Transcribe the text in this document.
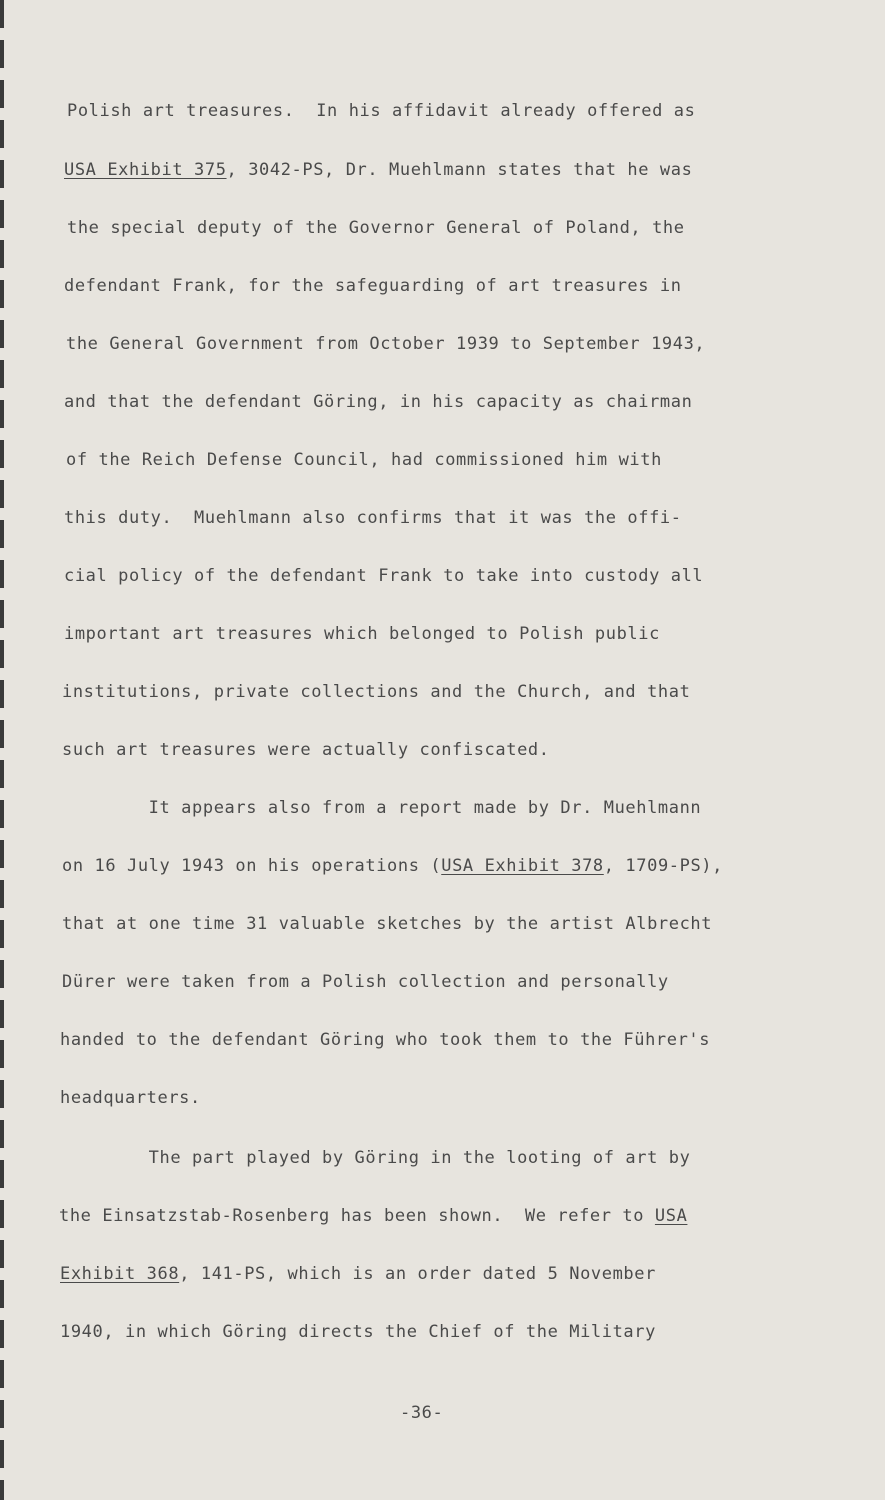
Polish art treasures.  In his affidavit already offered as
USA Exhibit 375, 3042-PS, Dr. Muehlmann states that he was
the special deputy of the Governor General of Poland, the
defendant Frank, for the safeguarding of art treasures in
the General Government from October 1939 to September 1943,
and that the defendant Göring, in his capacity as chairman
of the Reich Defense Council, had commissioned him with
this duty.  Muehlmann also confirms that it was the offi-
cial policy of the defendant Frank to take into custody all
important art treasures which belonged to Polish public
institutions, private collections and the Church, and that
such art treasures were actually confiscated.
It appears also from a report made by Dr. Muehlmann
on 16 July 1943 on his operations (USA Exhibit 378, 1709-PS),
that at one time 31 valuable sketches by the artist Albrecht
Dürer were taken from a Polish collection and personally
handed to the defendant Göring who took them to the Führer's
headquarters.
The part played by Göring in the looting of art by
the Einsatzstab-Rosenberg has been shown.  We refer to USA
Exhibit 368, 141-PS, which is an order dated 5 November
1940, in which Göring directs the Chief of the Military
-36-
